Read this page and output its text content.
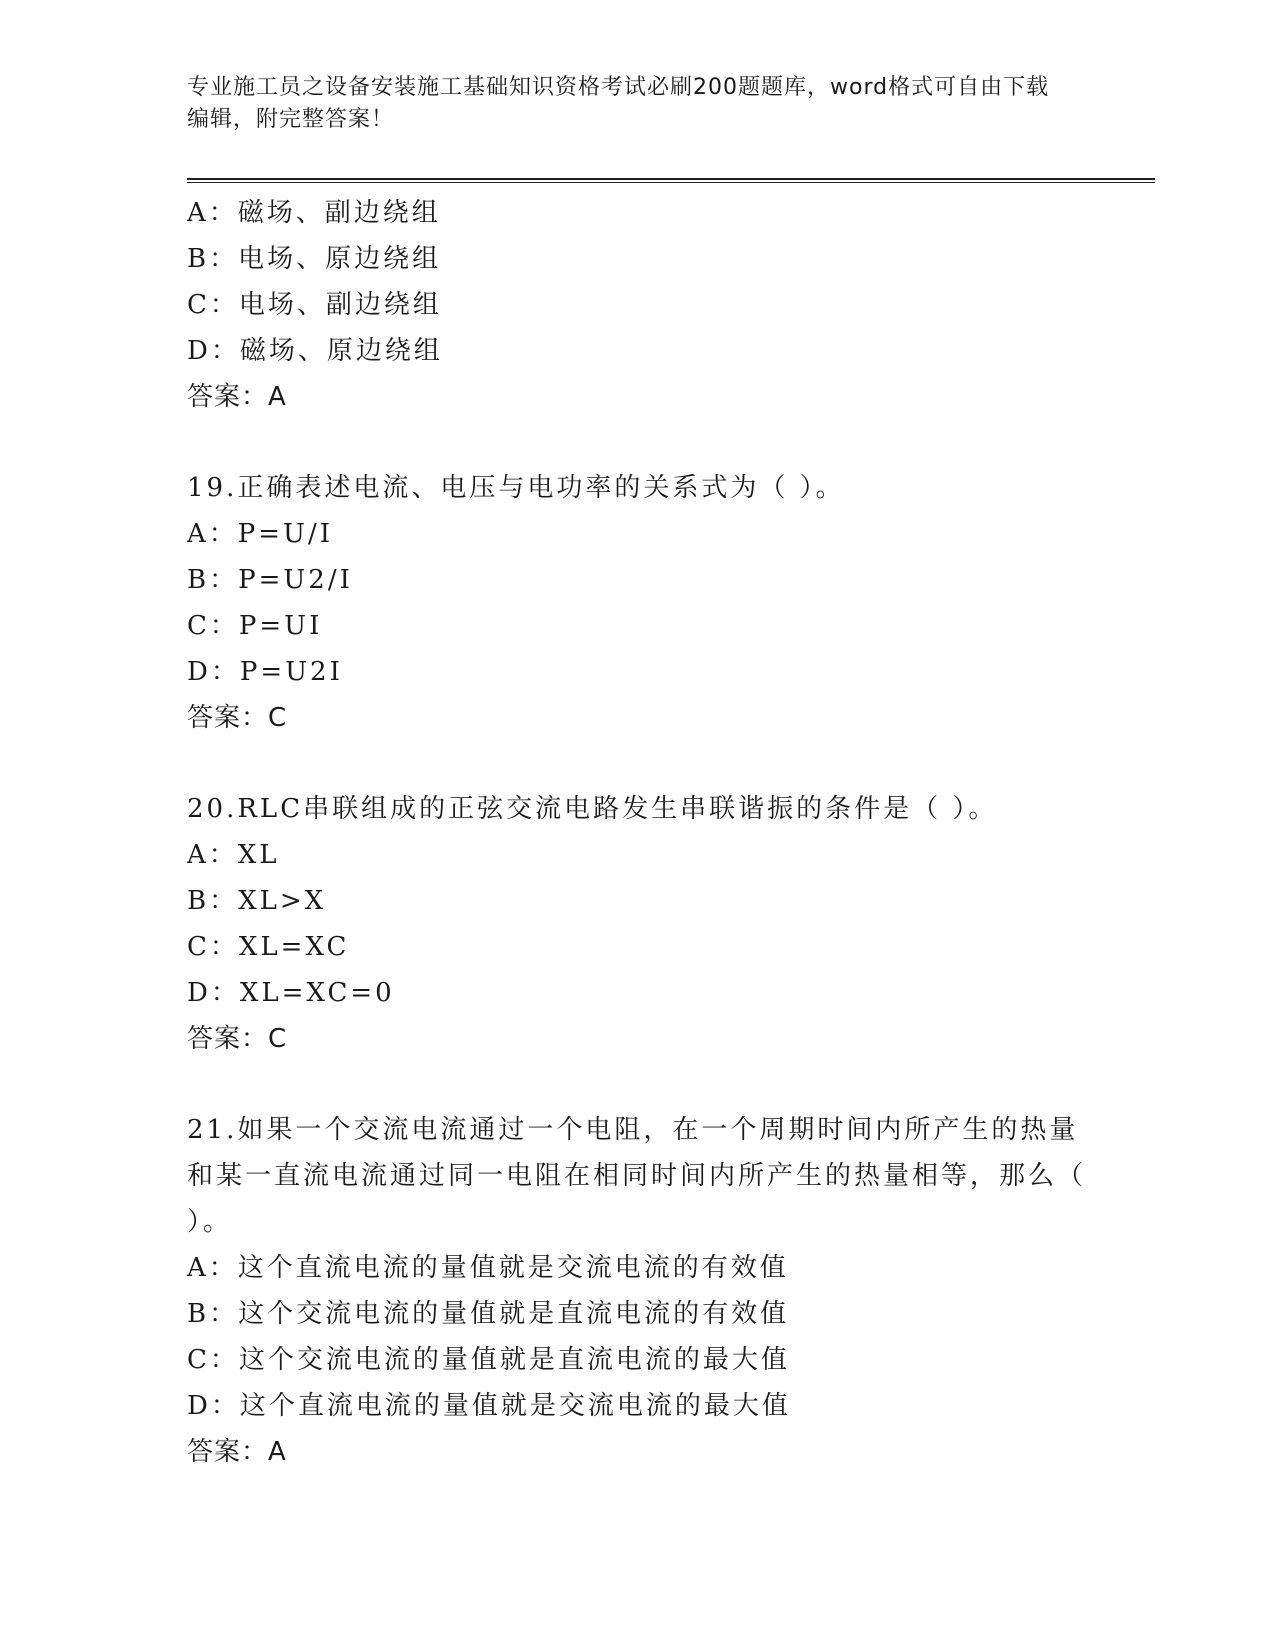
专业施工员之设备安装施工基础知识资格考试必刷200题题库，word格式可自由下载编辑，附完整答案！
A：磁场、副边绕组
B：电场、原边绕组
C：电场、副边绕组
D：磁场、原边绕组
答案：A
19.正确表述电流、电压与电功率的关系式为（ ）。
A：P=U/I
B：P=U2/I
C：P=UI
D：P=U2I
答案：C
20.RLC串联组成的正弦交流电路发生串联谐振的条件是（ ）。
A：XL
B：XL>X
C：XL=XC
D：XL=XC=0
答案：C
21.如果一个交流电流通过一个电阻，在一个周期时间内所产生的热量和某一直流电流通过同一电阻在相同时间内所产生的热量相等，那么（ ）。
A：这个直流电流的量值就是交流电流的有效值
B：这个交流电流的量值就是直流电流的有效值
C：这个交流电流的量值就是直流电流的最大值
D：这个直流电流的量值就是交流电流的最大值
答案：A
